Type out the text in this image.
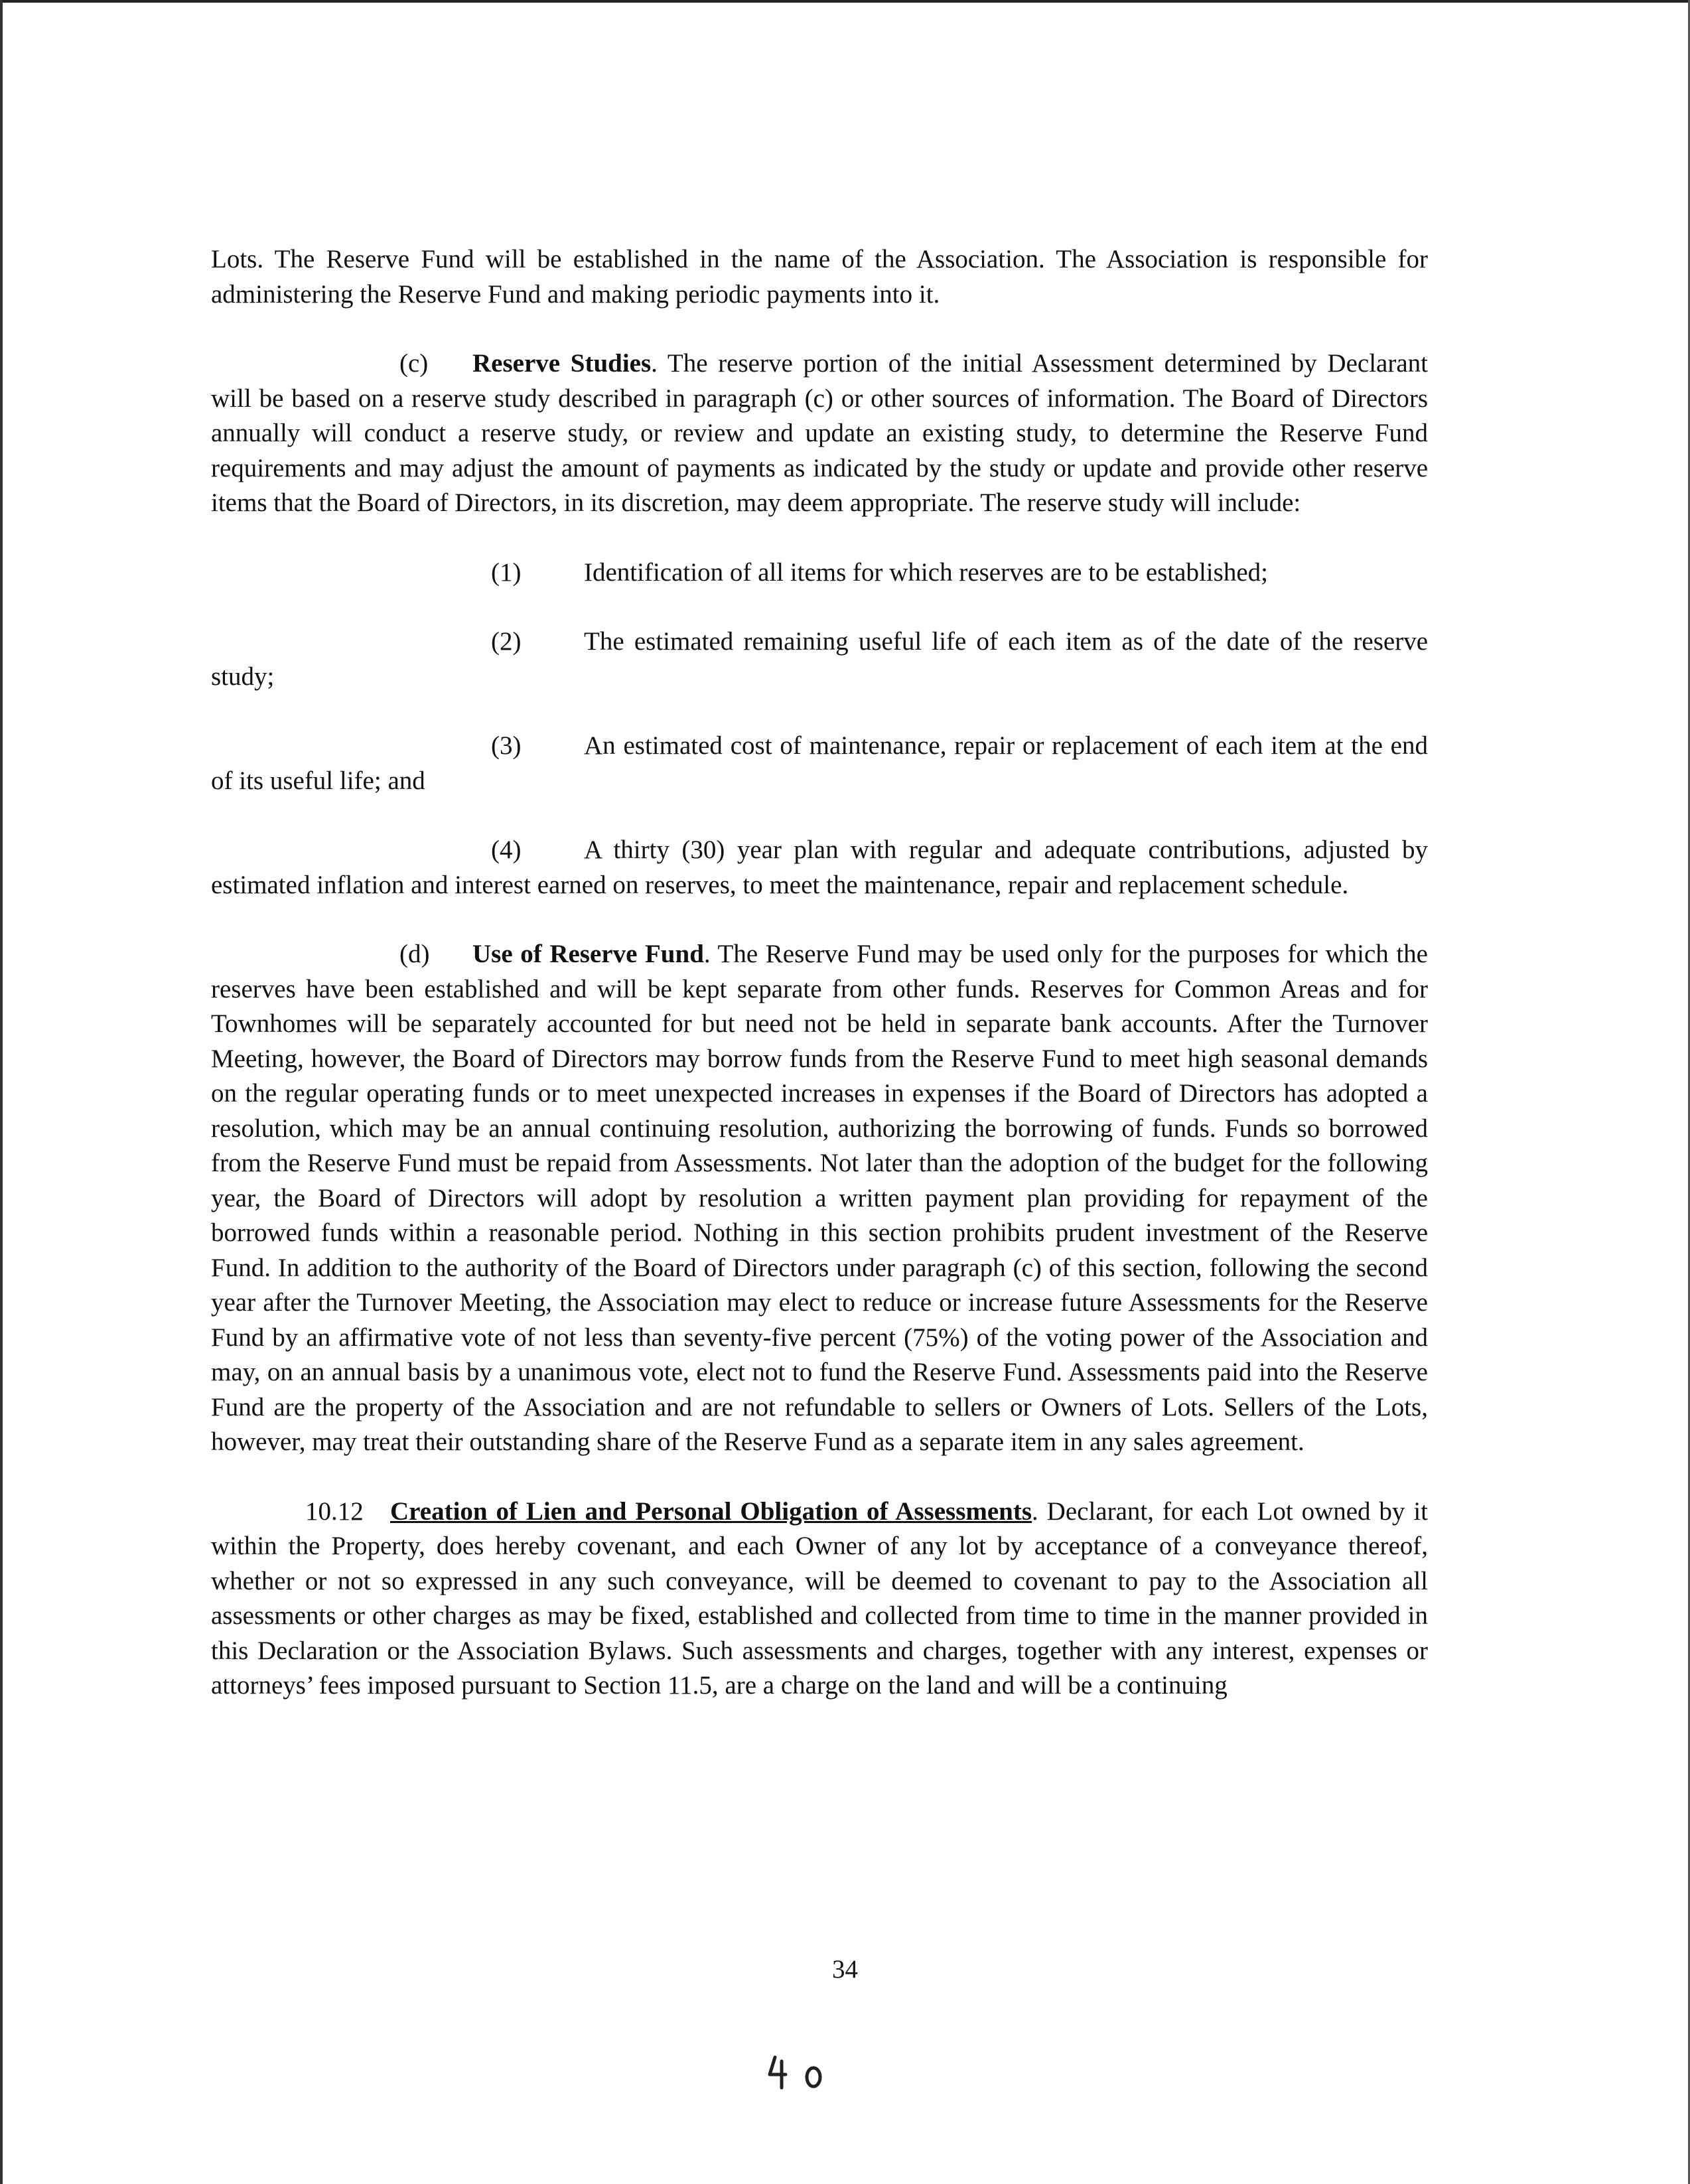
Lots. The Reserve Fund will be established in the name of the Association. The Association is responsible for administering the Reserve Fund and making periodic payments into it.

(c) Reserve Studies. The reserve portion of the initial Assessment determined by Declarant will be based on a reserve study described in paragraph (c) or other sources of information. The Board of Directors annually will conduct a reserve study, or review and update an existing study, to determine the Reserve Fund requirements and may adjust the amount of payments as indicated by the study or update and provide other reserve items that the Board of Directors, in its discretion, may deem appropriate. The reserve study will include:

(1) Identification of all items for which reserves are to be established;

(2) The estimated remaining useful life of each item as of the date of the reserve study;

(3) An estimated cost of maintenance, repair or replacement of each item at the end of its useful life; and

(4) A thirty (30) year plan with regular and adequate contributions, adjusted by estimated inflation and interest earned on reserves, to meet the maintenance, repair and replacement schedule.

(d) Use of Reserve Fund. The Reserve Fund may be used only for the purposes for which the reserves have been established and will be kept separate from other funds. Reserves for Common Areas and for Townhomes will be separately accounted for but need not be held in separate bank accounts. After the Turnover Meeting, however, the Board of Directors may borrow funds from the Reserve Fund to meet high seasonal demands on the regular operating funds or to meet unexpected increases in expenses if the Board of Directors has adopted a resolution, which may be an annual continuing resolution, authorizing the borrowing of funds. Funds so borrowed from the Reserve Fund must be repaid from Assessments. Not later than the adoption of the budget for the following year, the Board of Directors will adopt by resolution a written payment plan providing for repayment of the borrowed funds within a reasonable period. Nothing in this section prohibits prudent investment of the Reserve Fund. In addition to the authority of the Board of Directors under paragraph (c) of this section, following the second year after the Turnover Meeting, the Association may elect to reduce or increase future Assessments for the Reserve Fund by an affirmative vote of not less than seventy-five percent (75%) of the voting power of the Association and may, on an annual basis by a unanimous vote, elect not to fund the Reserve Fund. Assessments paid into the Reserve Fund are the property of the Association and are not refundable to sellers or Owners of Lots. Sellers of the Lots, however, may treat their outstanding share of the Reserve Fund as a separate item in any sales agreement.

10.12 Creation of Lien and Personal Obligation of Assessments. Declarant, for each Lot owned by it within the Property, does hereby covenant, and each Owner of any lot by acceptance of a conveyance thereof, whether or not so expressed in any such conveyance, will be deemed to covenant to pay to the Association all assessments or other charges as may be fixed, established and collected from time to time in the manner provided in this Declaration or the Association Bylaws. Such assessments and charges, together with any interest, expenses or attorneys’ fees imposed pursuant to Section 11.5, are a charge on the land and will be a continuing

34
